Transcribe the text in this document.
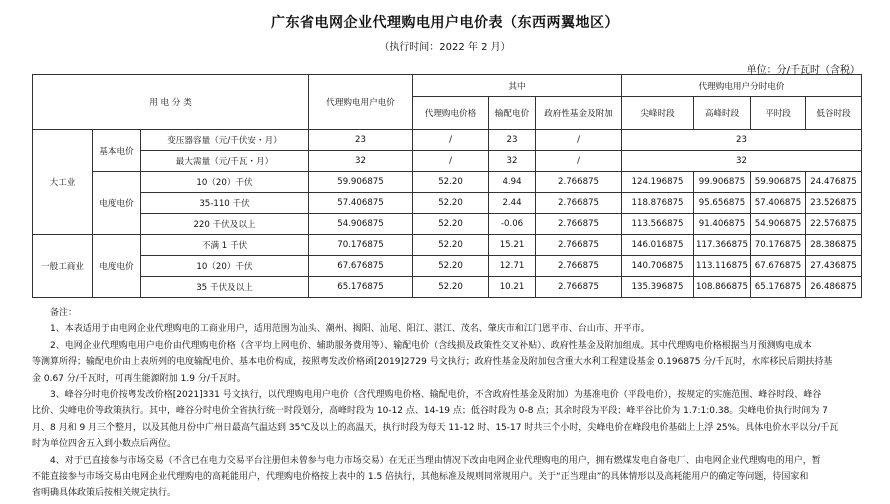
广东省电网企业代理购电用户电价表（东西两翼地区）
（执行时间：2022 年 2 月）
单位：分/千瓦时（含税）
用 电 分 类			代理购电用户电价	其中			代理购电用户分时电价			
				代理购电价格	输配电价	政府性基金及附加	尖峰时段	高峰时段	平时段	低谷时段
大工业	基本电价	变压器容量（元/千伏安・月）	23	/	23	/	23			
		最大需量（元/千瓦・月）	32	/	32	/	32			
	电度电价	10（20）千伏	59.906875	52.20	4.94	2.766875	124.196875	99.906875	59.906875	24.476875
		35-110 千伏	57.406875	52.20	2.44	2.766875	118.876875	95.656875	57.406875	23.526875
		220 千伏及以上	54.906875	52.20	-0.06	2.766875	113.566875	91.406875	54.906875	22.576875
一般工商业	电度电价	不满 1 千伏	70.176875	52.20	15.21	2.766875	146.016875	117.366875	70.176875	28.386875
		10（20）千伏	67.676875	52.20	12.71	2.766875	140.706875	113.116875	67.676875	27.436875
		35 千伏及以上	65.176875	52.20	10.21	2.766875	135.396875	108.866875	65.176875	26.486875
备注：
1、本表适用于由电网企业代理购电的工商业用户，适用范围为汕头、潮州、揭阳、汕尾、阳江、湛江、茂名、肇庆市和江门恩平市、台山市、开平市。
2、电网企业代理购电用户电价由代理购电价格（含平均上网电价、辅助服务费用等）、输配电价（含线损及政策性交叉补贴）、政府性基金及附加组成。其中代理购电价格根据当月预测购电成本
等测算所得；输配电价由上表所列的电度输配电价、基本电价构成，按照粤发改价格函[2019]2729 号文执行；政府性基金及附加包含重大水利工程建设基金 0.196875 分/千瓦时，水库移民后期扶持基
金 0.67 分/千瓦时，可再生能源附加 1.9 分/千瓦时。
3、峰谷分时电价按粤发改价格[2021]331 号文执行，以代理购电用户电价（含代理购电价格、输配电价，不含政府性基金及附加）为基准电价（平段电价），按规定的实施范围、峰谷时段、峰谷
比价、尖峰电价等政策执行。其中，峰谷分时电价全省执行统一时段划分，高峰时段为 10-12 点、14-19 点；低谷时段为 0-8 点；其余时段为平段；峰平谷比价为 1.7:1:0.38。尖峰电价执行时间为 7
月、8 月和 9 月三个整月，以及其他月份中广州日最高气温达到 35℃及以上的高温天，执行时段为每天 11-12 时、15-17 时共三个小时，尖峰电价在峰段电价基础上上浮 25%。具体电价水平以分/千瓦
时为单位四舍五入到小数点后两位。
4、对于已直接参与市场交易（不含已在电力交易平台注册但未曾参与电力市场交易）在无正当理由情况下改由电网企业代理购电的用户，拥有燃煤发电自备电厂、由电网企业代理购电的用户，暂
不能直接参与市场交易由电网企业代理购电的高耗能用户，代理购电价格按上表中的 1.5 倍执行，其他标准及规则同常规用户。关于“正当理由”的具体情形以及高耗能用户的确定等问题，待国家和
省明确具体政策后按相关规定执行。
